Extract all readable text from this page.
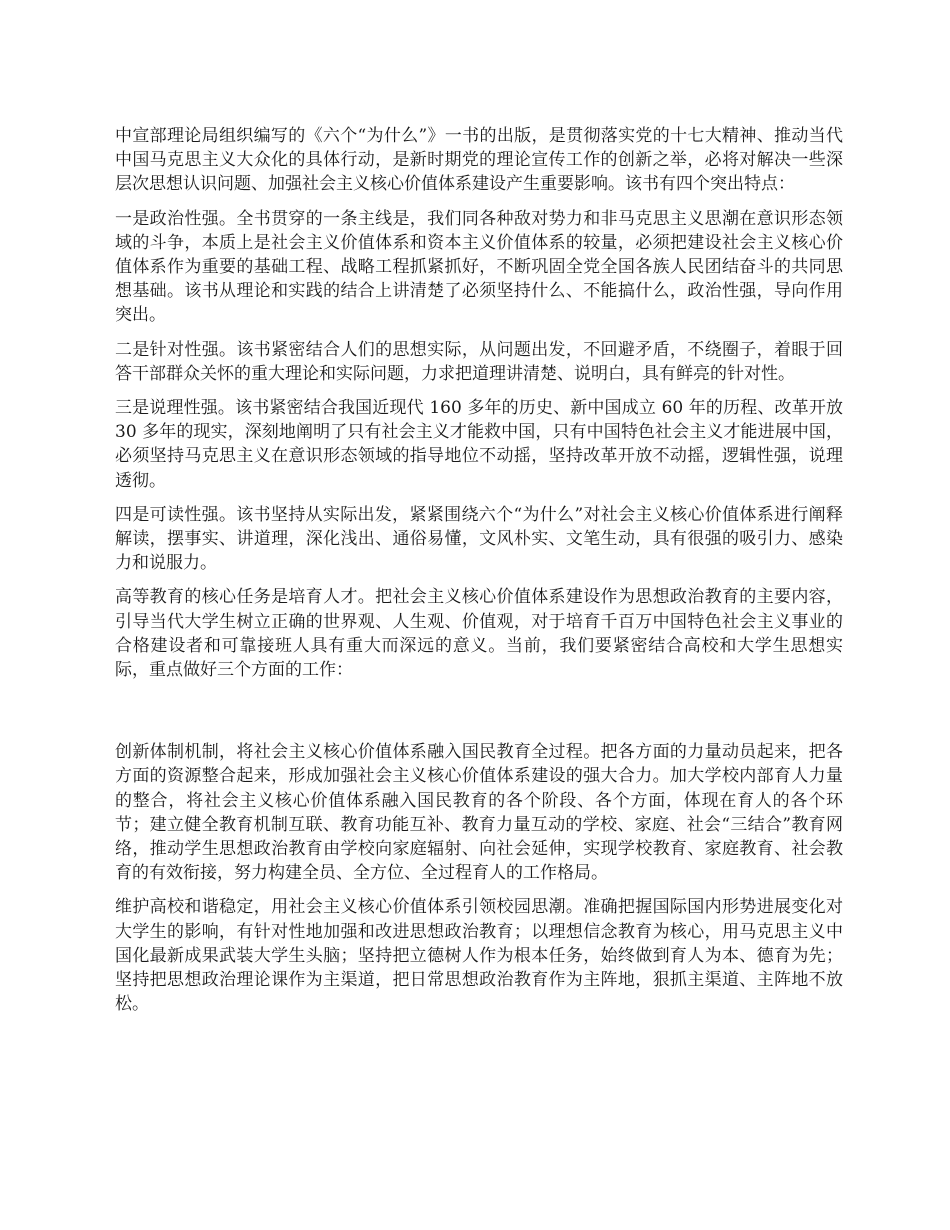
中宣部理论局组织编写的《六个“为什么”》一书的出版，是贯彻落实党的十七大精神、推动当代中国马克思主义大众化的具体行动，是新时期党的理论宣传工作的创新之举，必将对解决一些深层次思想认识问题、加强社会主义核心价值体系建设产生重要影响。该书有四个突出特点：

一是政治性强。全书贯穿的一条主线是，我们同各种敌对势力和非马克思主义思潮在意识形态领域的斗争，本质上是社会主义价值体系和资本主义价值体系的较量，必须把建设社会主义核心价值体系作为重要的基础工程、战略工程抓紧抓好，不断巩固全党全国各族人民团结奋斗的共同思想基础。该书从理论和实践的结合上讲清楚了必须坚持什么、不能搞什么，政治性强，导向作用突出。

二是针对性强。该书紧密结合人们的思想实际，从问题出发，不回避矛盾，不绕圈子，着眼于回答干部群众关怀的重大理论和实际问题，力求把道理讲清楚、说明白，具有鲜亮的针对性。

三是说理性强。该书紧密结合我国近现代 160 多年的历史、新中国成立 60 年的历程、改革开放 30 多年的现实，深刻地阐明了只有社会主义才能救中国，只有中国特色社会主义才能进展中国，必须坚持马克思主义在意识形态领域的指导地位不动摇，坚持改革开放不动摇，逻辑性强，说理透彻。

四是可读性强。该书坚持从实际出发，紧紧围绕六个“为什么”对社会主义核心价值体系进行阐释解读，摆事实、讲道理，深化浅出、通俗易懂，文风朴实、文笔生动，具有很强的吸引力、感染力和说服力。

高等教育的核心任务是培育人才。把社会主义核心价值体系建设作为思想政治教育的主要内容，引导当代大学生树立正确的世界观、人生观、价值观，对于培育千百万中国特色社会主义事业的合格建设者和可靠接班人具有重大而深远的意义。当前，我们要紧密结合高校和大学生思想实际，重点做好三个方面的工作：

创新体制机制，将社会主义核心价值体系融入国民教育全过程。把各方面的力量动员起来，把各方面的资源整合起来，形成加强社会主义核心价值体系建设的强大合力。加大学校内部育人力量的整合，将社会主义核心价值体系融入国民教育的各个阶段、各个方面，体现在育人的各个环节；建立健全教育机制互联、教育功能互补、教育力量互动的学校、家庭、社会“三结合”教育网络，推动学生思想政治教育由学校向家庭辐射、向社会延伸，实现学校教育、家庭教育、社会教育的有效衔接，努力构建全员、全方位、全过程育人的工作格局。

维护高校和谐稳定，用社会主义核心价值体系引领校园思潮。准确把握国际国内形势进展变化对大学生的影响，有针对性地加强和改进思想政治教育；以理想信念教育为核心，用马克思主义中国化最新成果武装大学生头脑；坚持把立德树人作为根本任务，始终做到育人为本、德育为先；坚持把思想政治理论课作为主渠道，把日常思想政治教育作为主阵地，狠抓主渠道、主阵地不放松。
